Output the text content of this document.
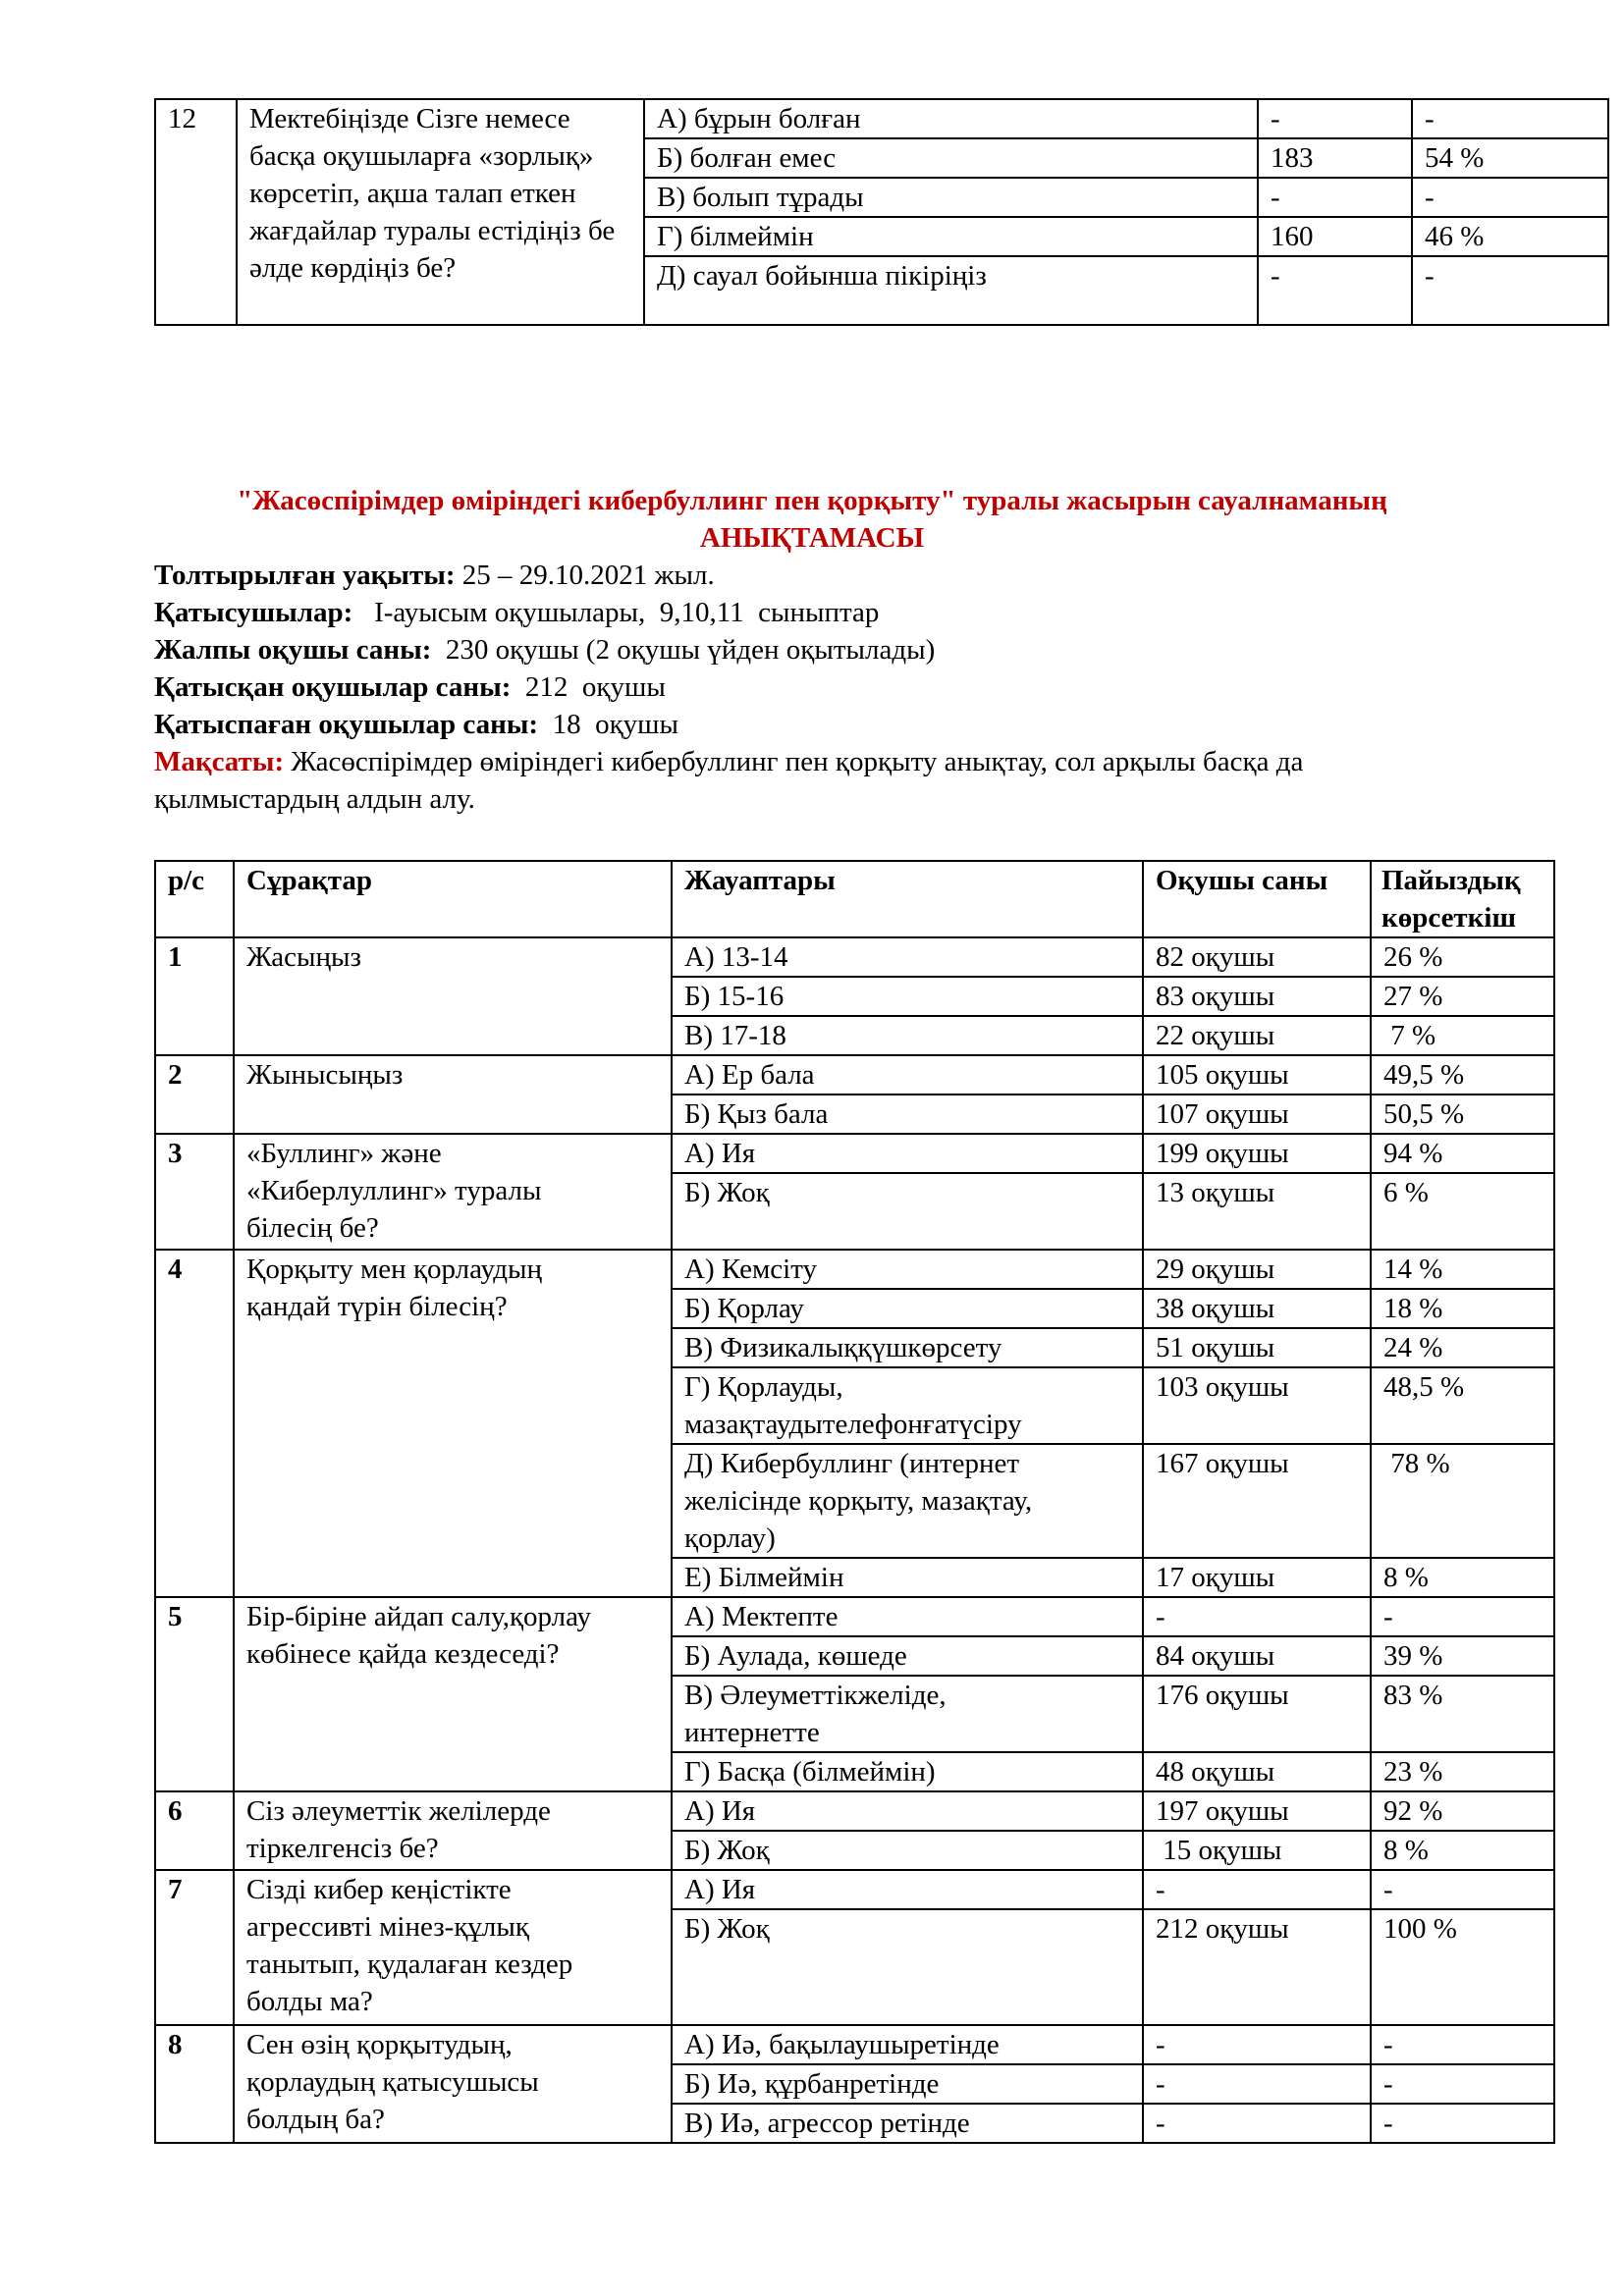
12	Мектебіңізде Сізге немесе басқа оқушыларға «зорлық» көрсетіп, ақша талап еткен жағдайлар туралы естідіңіз бе әлде көрдіңіз бе?	А) бұрын болған	-	-
		Б) болған емес	183	54 %
		В) болып тұрады	-	-
		Г) білмеймін	160	46 %
		Д) сауал бойынша пікіріңіз	-	-
"Жасөспірімдер өміріндегі кибербуллинг пен қорқыту" туралы жасырын сауалнаманың
АНЫҚТАМАСЫ
Толтырылған уақыты: 25 – 29.10.2021 жыл.
Қатысушылар:   І-ауысым оқушылары,  9,10,11  сыныптар
Жалпы оқушы саны:  230 оқушы (2 оқушы үйден оқытылады)
Қатысқан оқушылар саны:  212  оқушы
Қатыспаған оқушылар саны:  18  оқушы
Мақсаты: Жасөспірімдер өміріндегі кибербуллинг пен қорқыту анықтау, сол арқылы басқа да қылмыстардың алдын алу.
р/с	Сұрақтар	Жауаптары	Оқушы саны	Пайыздық көрсеткіш
1	Жасыңыз	А) 13-14	82 оқушы	26 %
		Б) 15-16	83 оқушы	27 %
		В) 17-18	22 оқушы	7 %
2	Жынысыңыз	А) Ер бала	105 оқушы	49,5 %
		Б) Қыз бала	107 оқушы	50,5 %
3	«Буллинг» және «Киберлуллинг» туралы білесің бе?	А) Ия	199 оқушы	94 %
		Б) Жоқ	13 оқушы	6 %
4	Қорқыту мен қорлаудың қандай түрін білесің?	А) Кемсіту	29 оқушы	14 %
		Б) Қорлау	38 оқушы	18 %
		В) Физикалыққүшкөрсету	51 оқушы	24 %
		Г) Қорлауды, мазақтаудытелефонғатүсіру	103 оқушы	48,5 %
		Д) Кибербуллинг (интернет желісінде қорқыту, мазақтау, қорлау)	167 оқушы	78 %
		Е) Білмеймін	17 оқушы	8 %
5	Бір-біріне айдап салу,қорлау көбінесе қайда кездеседі?	А) Мектепте	-	-
		Б) Аулада, көшеде	84 оқушы	39 %
		В) Әлеуметтікжеліде, интернетте	176 оқушы	83 %
		Г) Басқа (білмеймін)	48 оқушы	23 %
6	Сіз әлеуметтік желілерде тіркелгенсіз бе?	А) Ия	197 оқушы	92 %
		Б) Жоқ	15 оқушы	8 %
7	Сізді кибер кеңістікте агрессивті мінез-құлық танытып, қудалаған кездер болды ма?	А) Ия	-	-
		Б) Жоқ	212 оқушы	100 %
8	Сен өзің қорқытудың, қорлаудың қатысушысы болдың ба?	А) Иә, бақылаушыретінде	-	-
		Б) Иә, құрбанретінде	-	-
		В) Иә, агрессор ретінде	-	-
